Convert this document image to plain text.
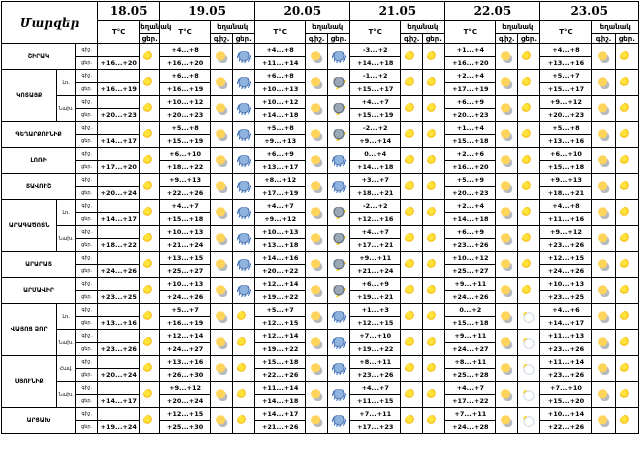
Մարզեր			18.05		19.05			20.05			21.05			22.05			23.05		
			T°C	եղանակ	T°C	եղանակ		T°C	եղանակ		T°C	եղանակ		T°C	եղանակ		T°C	եղանակ	
				ցեր.		գիշ.	ցեր.		գիշ.	ցեր.		գիշ.	ցեր.		գիշ.	ցեր.		գիշ.	ցեր.
ՇԻՐԱԿ		գիշ.			+4...+8			+4...+8			-3...+2			+1...+4			+4...+8		
		ցեր.	+16...+20		+16...+20			+11...+14			+14...+18			+16...+20			+13...+16		
ԿՈՏԱՅՔ	Լռ.	գիշ.			+6...+8			+6...+8			-1...+2			+2...+4			+5...+7		
		ցեր.	+16...+19		+16...+19			+10...+13			+15...+17			+17...+19			+15...+17		
	Նախ.	գիշ.			+10...+12			+10...+12			+4...+7			+6...+9			+9...+12		
		ցեր.	+20...+23		+20...+23			+14...+18			+15...+19			+20...+23			+20...+23		
ԳԵՂԱՐՔՈՒՆԻՔ		գիշ.			+5...+8			+5...+8			-2...+2			+1...+4			+5...+8		
		ցեր.	+14...+17		+15...+19			+9...+13			+9...+14			+15...+18			+13...+16		
ԼՈՌԻ		գիշ.			+6...+10			+6...+9			0...+4			+2...+6			+6...+10		
		ցեր.	+17...+20		+18...+22			+13...+17			+14...+18			+16...+20			+15...+18		
ՏԱՎՈՒՇ		գիշ.			+9...+13			+8...+12			+3...+7			+5...+9			+9...+13		
		ցեր.	+20...+24		+22...+26			+17...+19			+18...+21			+20...+23			+18...+21		
ԱՐԱԳԱԾՈՏՆ	Լռ.	գիշ.			+4...+7			+4...+7			-2...+2			+2...+4			+4...+8		
		ցեր.	+14...+17		+15...+18			+9...+12			+12...+16			+14...+18			+11...+16		
	Նախ.	գիշ.			+10...+13			+10...+13			+4...+7			+6...+9			+9...+12		
		ցեր.	+18...+22		+21...+24			+13...+18			+17...+21			+23...+26			+23...+26		
ԱՐԱՐԱՏ		գիշ.			+13...+15			+14...+16			+9...+11			+10...+12			+12...+15		
		ցեր.	+24...+26		+25...+27			+20...+22			+21...+24			+25...+27			+24...+26		
ԱՐՄԱՎԻՐ		գիշ.			+10...+13			+12...+14			+6...+9			+9...+11			+10...+13		
		ցեր.	+23...+25		+24...+26			+19...+22			+19...+21			+24...+26			+23...+25		
ՎԱՅՈՑ ՁՈՐ	Լռ.	գիշ.			+5...+7			+5...+7			+1...+3			0...+2			+4...+6		
		ցեր.	+13...+16		+16...+19			+12...+15			+12...+15			+15...+18			+14...+17		
	Նախ.	գիշ.			+12...+14			+12...+14			+7...+10			+9...+11			+11...+13		
		ցեր.	+23...+26		+24...+27			+19...+22			+19...+22			+24...+27			+23...+26		
ՍՅՈՒՆԻՔ	Հավ.	գիշ.			+13...+16			+15...+18			+8...+11			+8...+11			+11...+14		
		ցեր.	+20...+24		+26...+30			+22...+26			+23...+26			+25...+28			+23...+26		
	Նախ.	գիշ.			+9...+12			+11...+14			+4...+7			+4...+7			+7...+10		
		ցեր.	+14...+17		+20...+24			+14...+18			+11...+15			+17...+22			+15...+20		
ԱՐՑԱԽ		գիշ.			+12...+15			+14...+17			+7...+11			+7...+11			+10...+14		
		ցեր.	+19...+24		+25...+30			+21...+26			+17...+23			+24...+28			+22...+26		
